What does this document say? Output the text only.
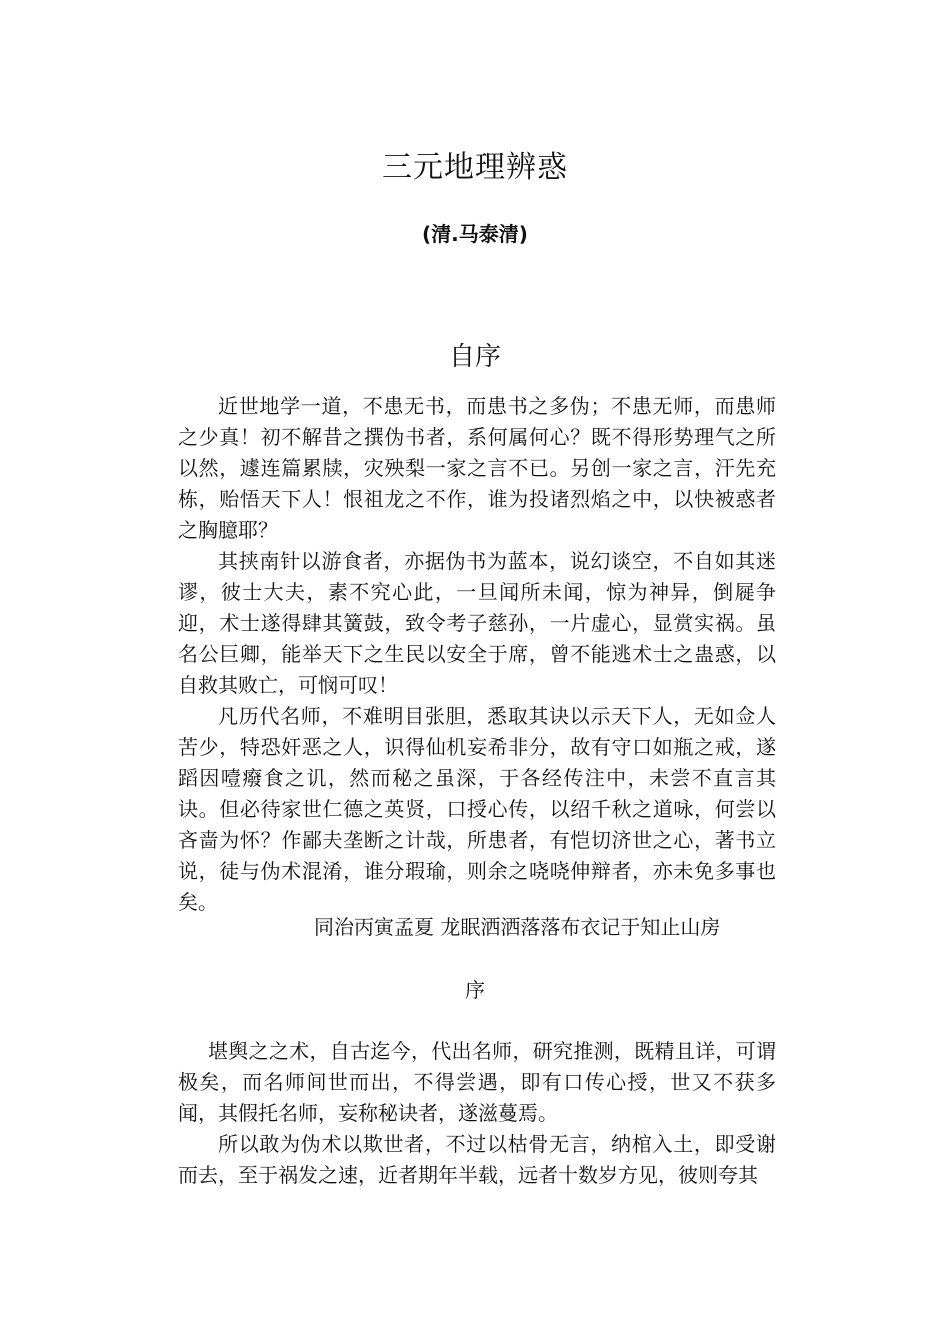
三元地理辨惑
(清.马泰清)
自序

近世地学一道，不患无书，而患书之多伪；不患无师，而患师之少真！初不解昔之撰伪书者，系何属何心？既不得形势理气之所以然，遽连篇累牍，灾殃梨一家之言不已。另创一家之言，汗先充栋，贻悟天下人！恨祖龙之不作，谁为投诸烈焰之中，以快被惑者之胸臆耶？

其挟南针以游食者，亦据伪书为蓝本，说幻谈空，不自如其迷谬，彼士大夫，素不究心此，一旦闻所未闻，惊为神异，倒屣争迎，术士遂得肆其簧鼓，致令考子慈孙，一片虚心，显赏实祸。虽名公巨卿，能举天下之生民以安全于席，曾不能逃术士之蛊惑，以自救其败亡，可悯可叹！

凡历代名师，不难明目张胆，悉取其诀以示天下人，无如佥人苦少，特恐奸恶之人，识得仙机妄希非分，故有守口如瓶之戒，遂蹈因噎癈食之讥，然而秘之虽深，于各经传注中，未尝不直言其诀。但必待家世仁德之英贤，口授心传，以绍千秋之道咏，何尝以吝啬为怀？作鄙夫垄断之计哉，所患者，有恺切济世之心，著书立说，徒与伪术混淆，谁分瑕瑜，则余之哓哓伸辩者，亦未免多事也矣。

同治丙寅孟夏 龙眠洒洒落落布衣记于知止山房
序

堪舆之之术，自古迄今，代出名师，研究推测，既精且详，可谓极矣，而名师间世而出，不得尝遇，即有口传心授，世又不获多闻，其假托名师，妄称秘诀者，遂滋蔓焉。

所以敢为伪术以欺世者，不过以枯骨无言，纳棺入土，即受谢而去，至于祸发之速，近者期年半载，远者十数岁方见，彼则夸其
